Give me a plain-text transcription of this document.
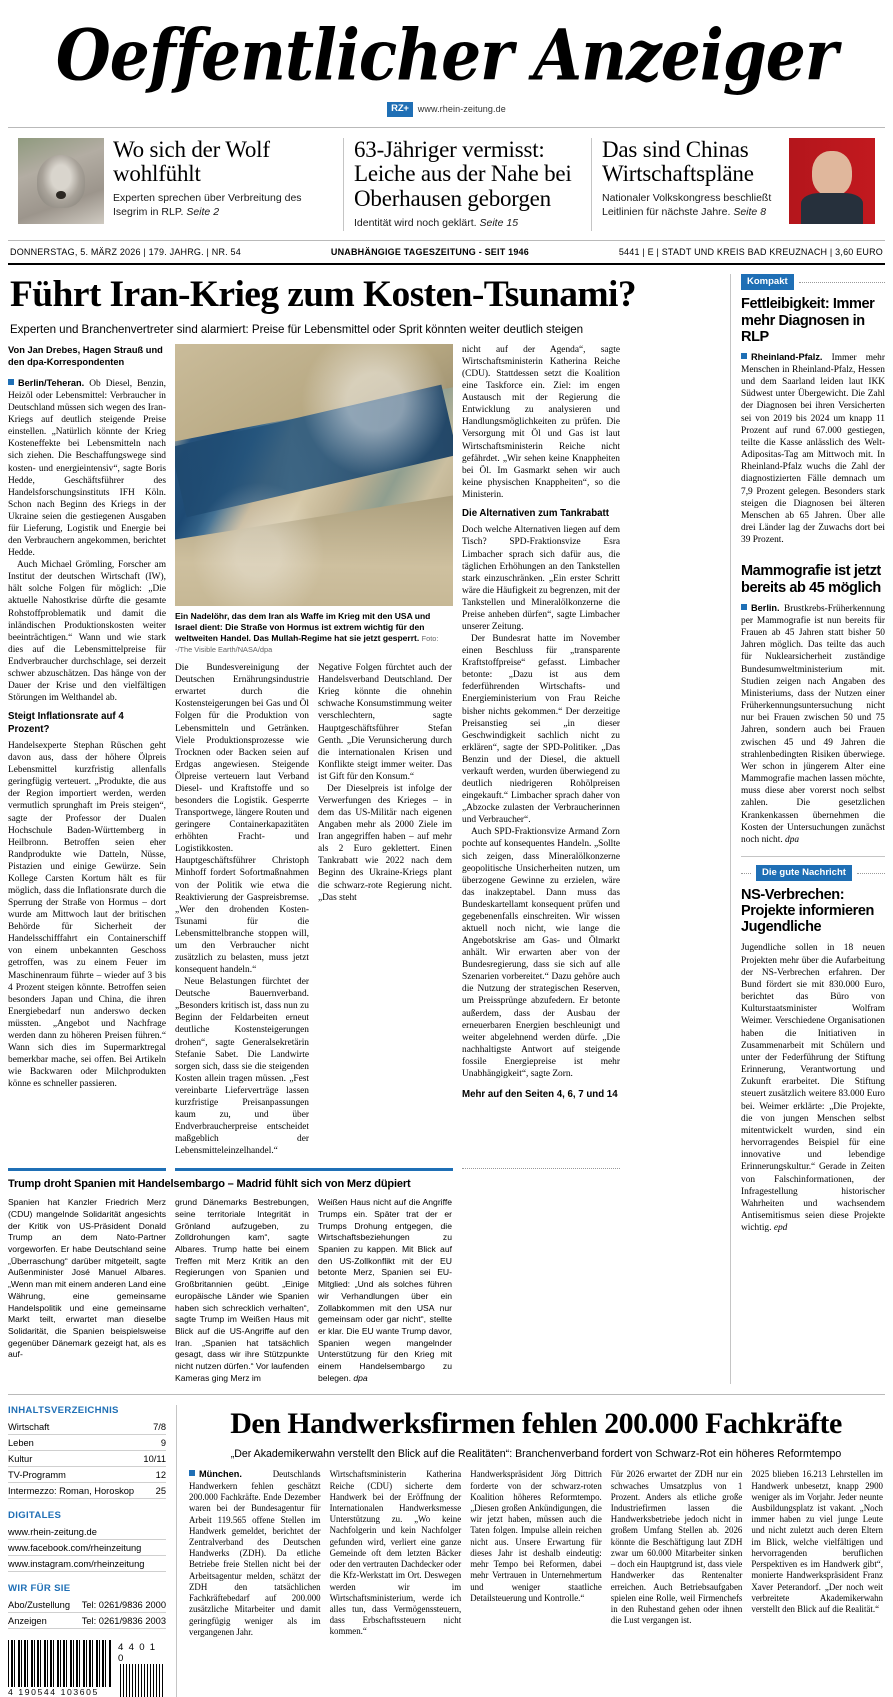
Oeffentlicher Anzeiger
RZ+	www.rhein-zeitung.de
Wo sich der Wolf wohlfühlt
Experten sprechen über Verbreitung des Isegrim in RLP. Seite 2
63-Jähriger vermisst: Leiche aus der Nahe bei Oberhausen geborgen
Identität wird noch geklärt. Seite 15
Das sind Chinas Wirtschaftspläne
Nationaler Volkskongress beschließt Leitlinien für nächste Jahre. Seite 8
DONNERSTAG, 5. MÄRZ 2026 | 179. JAHRG. | NR. 54	UNABHÄNGIGE TAGESZEITUNG - SEIT 1946	5441 | E | STADT UND KREIS BAD KREUZNACH | 3,60 EURO
Führt Iran-Krieg zum Kosten-Tsunami?
Experten und Branchenvertreter sind alarmiert: Preise für Lebensmittel oder Sprit könnten weiter deutlich steigen
Von Jan Drebes, Hagen Strauß und den dpa-Korrespondenten

Berlin/Teheran. Ob Diesel, Benzin, Heizöl oder Lebensmittel: Verbraucher in Deutschland müssen sich wegen des Iran-Kriegs auf deutlich steigende Preise einstellen. „Natürlich könnte der Krieg Kosteneffekte bei Lebensmitteln nach sich ziehen. Die Beschaffungswege sind kosten- und energieintensiv“, sagte Boris Hedde, Geschäftsführer des Handelsforschungsinstituts IFH Köln. Schon nach Beginn des Kriegs in der Ukraine seien die gestiegenen Ausgaben für Lieferung, Logistik und Energie bei den Verbrauchern angekommen, berichtet Hedde.

Auch Michael Grömling, Forscher am Institut der deutschen Wirtschaft (IW), hält solche Folgen für möglich: „Die aktuelle Nahostkrise dürfte die gesamte Rohstoffproblematik und damit die inländischen Produktionskosten weiter beeinträchtigen.“ Wann und wie stark dies auf die Lebensmittelpreise für Endverbraucher durchschlage, sei derzeit schwer abzuschätzen. Das hänge von der Dauer der Krise und den vielfältigen Störungen im Welthandel ab.

Steigt Inflationsrate auf 4 Prozent?

Handelsexperte Stephan Rüschen geht davon aus, dass der höhere Ölpreis Lebensmittel kurzfristig allenfalls geringfügig verteuert. „Produkte, die aus der Region importiert werden, werden vermutlich sprunghaft im Preis steigen“, sagte der Professor der Dualen Hochschule Baden-Württemberg in Heilbronn. Betroffen seien eher Randprodukte wie Datteln, Nüsse, Pistazien und einige Gewürze. Sein Kollege Carsten Kortum hält es für möglich, dass die Inflationsrate durch die Sperrung der Straße von Hormus – dort wurde am Mittwoch laut der britischen Behörde für Sicherheit der Handelsschifffahrt ein Containerschiff von einem unbekannten Geschoss getroffen, was zu einem Feuer im Maschinenraum führte – wieder auf 3 bis 4 Prozent steigen könnte. Betroffen seien besonders Japan und China, die ihren Energiebedarf nun anderswo decken müssten. „Angebot und Nachfrage werden dann zu höheren Preisen führen.“ Wann sich dies im Supermarktregal bemerkbar mache, sei offen. Bei Artikeln wie Backwaren oder Milchprodukten könne es schneller passieren.

Ein Nadelöhr, das dem Iran als Waffe im Krieg mit den USA und Israel dient: Die Straße von Hormus ist extrem wichtig für den weltweiten Handel. Das Mullah-Regime hat sie jetzt gesperrt. Foto: -/The Visible Earth/NASA/dpa

Die Bundesvereinigung der Deutschen Ernährungsindustrie erwartet durch die Kostensteigerungen bei Gas und Öl Folgen für die Produktion von Lebensmitteln und Getränken. Viele Produktionsprozesse wie Trocknen oder Backen seien auf Erdgas angewiesen. Steigende Ölpreise verteuern laut Verband Diesel- und Kraftstoffe und so besonders die Logistik. Gesperrte Transportwege, längere Routen und geringere Containerkapazitäten erhöhten Fracht- und Logistikkosten. Hauptgeschäftsführer Christoph Minhoff fordert Sofortmaßnahmen von der Politik wie etwa die Reaktivierung der Gaspreisbremse. „Wer den drohenden Kosten-Tsunami für die Lebensmittelbranche stoppen will, um den Verbraucher nicht zusätzlich zu belasten, muss jetzt konsequent handeln.“

Neue Belastungen fürchtet der Deutsche Bauernverband. „Besonders kritisch ist, dass nun zu Beginn der Feldarbeiten erneut deutliche Kostensteigerungen drohen“, sagte Generalsekretärin Stefanie Sabet. Die Landwirte sorgen sich, dass sie die steigenden Kosten allein tragen müssen. „Fest vereinbarte Lieferverträge lassen kurzfristige Preisanpassungen kaum zu, und über Endverbraucherpreise entscheidet maßgeblich der Lebensmitteleinzelhandel.“

Negative Folgen fürchtet auch der Handelsverband Deutschland. Der Krieg könnte die ohnehin schwache Konsumstimmung weiter verschlechtern, sagte Hauptgeschäftsführer Stefan Genth. „Die Verunsicherung durch die internationalen Krisen und Konflikte steigt immer weiter. Das ist Gift für den Konsum.“

Der Dieselpreis ist infolge der Verwerfungen des Krieges – in dem das US-Militär nach eigenen Angaben mehr als 2000 Ziele im Iran angegriffen haben – auf mehr als 2 Euro geklettert. Einen Tankrabatt wie 2022 nach dem Beginn des Ukraine-Kriegs plant die schwarz-rote Regierung nicht. „Das steht

nicht auf der Agenda“, sagte Wirtschaftsministerin Katherina Reiche (CDU). Stattdessen setzt die Koalition eine Taskforce ein. Ziel: im engen Austausch mit der Regierung die Entwicklung zu analysieren und Handlungsmöglichkeiten zu prüfen. Die Versorgung mit Öl und Gas ist laut Wirtschaftsministerin Reiche nicht gefährdet. „Wir sehen keine Knappheiten bei Öl. Im Gasmarkt sehen wir auch keine physischen Knappheiten“, so die Ministerin.

Die Alternativen zum Tankrabatt

Doch welche Alternativen liegen auf dem Tisch? SPD-Fraktionsvize Esra Limbacher sprach sich dafür aus, die täglichen Erhöhungen an den Tankstellen stark einzuschränken. „Ein erster Schritt wäre die Häufigkeit zu begrenzen, mit der Tankstellen und Mineralölkonzerne die Preise anheben dürfen“, sagte Limbacher unserer Zeitung.

Der Bundesrat hatte im November einen Beschluss für „transparente Kraftstoffpreise“ gefasst. Limbacher betonte: „Dazu ist aus dem federführenden Wirtschafts- und Energieministerium von Frau Reiche bisher nichts gekommen.“ Der derzeitige Preisanstieg sei „in dieser Geschwindigkeit sachlich nicht zu erklären“, sagte der SPD-Politiker. „Das Benzin und der Diesel, die aktuell verkauft werden, wurden überwiegend zu deutlich niedrigeren Rohölpreisen eingekauft.“ Limbacher sprach daher von „Abzocke zulasten der Verbraucherinnen und Verbraucher“.

Auch SPD-Fraktionsvize Armand Zorn pochte auf konsequentes Handeln. „Sollte sich zeigen, dass Mineralölkonzerne geopolitische Unsicherheiten nutzen, um überzogene Gewinne zu erzielen, wäre das inakzeptabel. Dann muss das Bundeskartellamt konsequent prüfen und gegebenenfalls einschreiten. Wir wissen aktuell noch nicht, wie lange die Angebotskrise am Gas- und Ölmarkt anhält. Wir erwarten aber von der Bundesregierung, dass sie sich auf alle Szenarien vorbereitet.“ Dazu gehöre auch die Nutzung der strategischen Reserven, um Preissprünge abzufedern. Er betonte außerdem, dass der Ausbau der erneuerbaren Energien beschleunigt und weiter abgelehnend werden dürfe. „Die nachhaltigste Antwort auf steigende fossile Energiepreise ist mehr Unabhängigkeit“, sagte Zorn.

Mehr auf den Seiten 4, 6, 7 und 14
Trump droht Spanien mit Handelsembargo – Madrid fühlt sich von Merz düpiert

Spanien hat Kanzler Friedrich Merz (CDU) mangelnde Solidarität angesichts der Kritik von US-Präsident Donald Trump an dem Nato-Partner vorgeworfen. Er habe Deutschland seine „Überraschung“ darüber mitgeteilt, sagte Außenminister José Manuel Albares. „Wenn man mit einem anderen Land eine Währung, eine gemeinsame Handelspolitik und eine gemeinsame Markt teilt, erwartet man dieselbe Solidarität, die Spanien beispielsweise gegenüber Dänemark gezeigt hat, als es auf-

grund Dänemarks Bestrebungen, seine territoriale Integrität in Grönland aufzugeben, zu Zolldrohungen kam“, sagte Albares. Trump hatte bei einem Treffen mit Merz Kritik an den Regierungen von Spanien und Großbritannien geübt. „Einige europäische Länder wie Spanien haben sich schrecklich verhalten“, sagte Trump im Weißen Haus mit Blick auf die US-Angriffe auf den Iran. „Spanien hat tatsächlich gesagt, dass wir ihre Stützpunkte nicht nutzen dürfen.“ Vor laufenden Kameras ging Merz im

Weißen Haus nicht auf die Angriffe Trumps ein. Später trat der er Trumps Drohung entgegen, die Wirtschaftsbeziehungen zu Spanien zu kappen. Mit Blick auf den US-Zollkonflikt mit der EU betonte Merz, Spanien sei EU-Mitglied: „Und als solches führen wir Verhandlungen über ein Zollabkommen mit den USA nur gemeinsam oder gar nicht“, stellte er klar. Die EU wante Trump davor, Spanien wegen mangelnder Unterstützung für den Krieg mit einem Handelsembargo zu belegen. dpa

Kompakt
Fettleibigkeit: Immer mehr Diagnosen in RLP

Rheinland-Pfalz. Immer mehr Menschen in Rheinland-Pfalz, Hessen und dem Saarland leiden laut IKK Südwest unter Übergewicht. Die Zahl der Diagnosen bei ihren Versicherten sei von 2019 bis 2024 um knapp 11 Prozent auf rund 67.000 gestiegen, teilte die Kasse anlässlich des Welt-Adipositas-Tag am Mittwoch mit. In Rheinland-Pfalz wuchs die Zahl der diagnostizierten Fälle demnach um 7,9 Prozent gelegen. Besonders stark steigen die Diagnosen bei älteren Menschen ab 65 Jahren. Über alle drei Länder lag der Zuwachs dort bei 39 Prozent.

Mammografie ist jetzt bereits ab 45 möglich

Berlin. Brustkrebs-Früherkennung per Mammografie ist nun bereits für Frauen ab 45 Jahren statt bisher 50 Jahren möglich. Das teilte das auch für Nuklearsicherheit zuständige Bundesumweltministerium mit. Studien zeigen nach Angaben des Ministeriums, dass der Nutzen einer Früherkennungsuntersuchung nicht nur bei Frauen zwischen 50 und 75 Jahren, sondern auch bei Frauen zwischen 45 und 49 Jahren die strahlenbedingten Risiken überwiege. Wer schon in jüngerem Alter eine Mammografie machen lassen möchte, muss diese aber vorerst noch selbst zahlen. Die gesetzlichen Krankenkassen übernehmen die Kosten der Untersuchungen zunächst noch nicht. dpa

Die gute Nachricht
NS-Verbrechen: Projekte informieren Jugendliche

Jugendliche sollen in 18 neuen Projekten mehr über die Aufarbeitung der NS-Verbrechen erfahren. Der Bund fördert sie mit 830.000 Euro, berichtet das Büro von Kulturstaatsminister Wolfram Weimer. Verschiedene Organisationen haben die Initiativen in Zusammenarbeit mit Schülern und unter der Federführung der Stiftung Erinnerung, Verantwortung und Zukunft erarbeitet. Die Stiftung steuert zusätzlich weitere 83.000 Euro bei. Weimer erklärte: „Die Projekte, die von jungen Menschen selbst mitentwickelt wurden, sind ein hervorragendes Beispiel für eine innovative und lebendige Erinnerungskultur.“ Gerade in Zeiten von Falschinformationen, der Infragestellung historischer Wahrheiten und wachsendem Antisemitismus seien diese Projekte wichtig. epd

INHALTSVERZEICHNIS
Wirtschaft	7/8
Leben	9
Kultur	10/11
TV-Programm	12
Intermezzo: Roman, Horoskop 25
DIGITALES
www.rhein-zeitung.de
www.facebook.com/rheinzeitung
www.instagram.com/rheinzeitung
WIR FÜR SIE
Abo/Zustellung Tel: 0261/9836 2000
Anzeigen	Tel: 0261/9836 2003
4 190544 103605
4 4 0 1 0
Den Handwerksfirmen fehlen 200.000 Fachkräfte
„Der Akademikerwahn verstellt den Blick auf die Realitäten“: Branchenverband fordert von Schwarz-Rot ein höheres Reformtempo

München.	Deutschlands Handwerkern fehlen geschätzt 200.000 Fachkräfte. Ende Dezember waren bei der Bundesagentur für Arbeit 119.565 offene Stellen im Handwerk gemeldet, berichtet der Zentralverband des Deutschen Handwerks (ZDH). Da etliche Betriebe freie Stellen nicht bei der Arbeitsagentur melden, schätzt der ZDH den tatsächlichen Fachkräftebedarf auf 200.000 zusätzliche Mitarbeiter und damit geringfügig weniger als im vergangenen Jahr.

Wirtschaftsministerin Katherina Reiche (CDU) sicherte dem Handwerk bei der Eröffnung der Internationalen Handwerksmesse Unterstützung zu. „Wo keine Nachfolgerin und kein Nachfolger gefunden wird, verliert eine ganze Gemeinde oft dem letzten Bäcker oder den vertrauten Dachdecker oder die Kfz-Werkstatt im Ort. Deswegen werden wir im Wirtschaftsministerium, werde ich alles tun, dass Vermögenssteuern, dass Erbschaftssteuern nicht kommen.“

Handwerkspräsident Jörg Dittrich forderte von der schwarz-roten Koalition höheres Reformtempo. „Diesen großen Ankündigungen, die wir jetzt haben, müssen auch die Taten folgen. Impulse allein reichen nicht aus. Unsere Erwartung für dieses Jahr ist deshalb eindeutig: mehr Tempo bei Reformen, dabei mehr Vertrauen in Unternehmertum und weniger staatliche Detailsteuerung und Kontrolle.“

Für 2026 erwartet der ZDH nur ein schwaches Umsatzplus von 1 Prozent. Anders als etliche große Industriefirmen lassen die Handwerksbetriebe jedoch nicht in großem Umfang Stellen ab. 2026 könnte die Beschäftigung laut ZDH zwar um 60.000 Mitarbeiter sinken – doch ein Hauptgrund ist, dass viele Handwerker das Rentenalter erreichen. Auch Betriebsaufgaben spielen eine Rolle, weil Firmenchefs in den Ruhestand gehen oder ihnen die Lust vergangen ist.

2025 blieben 16.213 Lehrstellen im Handwerk unbesetzt, knapp 2900 weniger als im Vorjahr. Jeder neunte Ausbildungsplatz ist vakant. „Noch immer haben zu viel junge Leute und nicht zuletzt auch deren Eltern im Blick, welche vielfältigen und hervorragenden beruflichen Perspektiven es im Handwerk gibt“, monierte Handwerkspräsident Franz Xaver Peterandorf. „Der noch weit verbreitete Akademikerwahn verstellt den Blick auf die Realität.“
